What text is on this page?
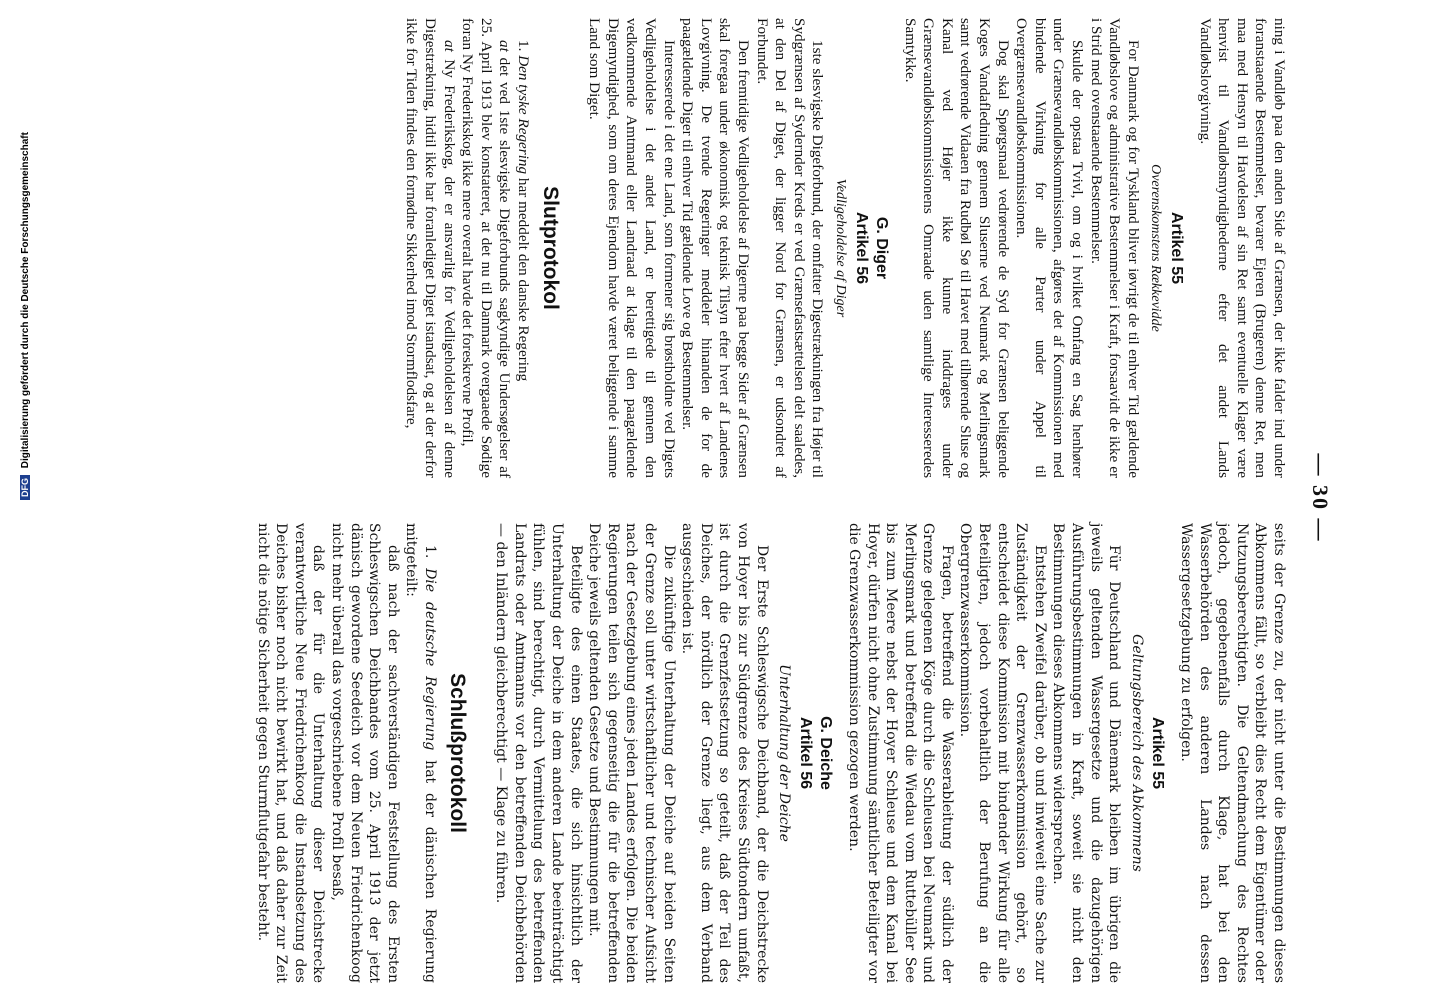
— 30 —

ning i Vandløb paa den anden Side af Grænsen, der ikke falder ind under foranstaaende Bestemmelser, bevarer Ejeren (Brugeren) denne Ret, men maa med Hensyn til Havdelsen af sin Ret samt eventuelle Klager være henvist til Vandløbsmyndighederne efter det andet Lands Vandløbslovgivning.

Artikel 55
Overenskomstens Rækkevidde

For Danmark og for Tyskland bliver iøvrigt de til enhver Tid gældende Vandløbslove og administrative Bestemmelser i Kraft, forsaavidt de ikke er i Strid med ovenstaaende Bestemmelser.

Skulde der opstaa Tvivl, om og i hvilket Omfang en Sag henhører under Grænsevandløbskommissionen, afgøres det af Kommissionen med bindende Virkning for alle Parter under Appel til Overgrænsevandløbskommissionen.

Dog skal Spørgsmaal vedrørende de Syd for Grænsen beliggende Koges Vandafledning gennem Sluserne ved Neumark og Merlingsmark samt vedrørende Vidaaen fra Rudbøl Sø til Havet med tilhørende Sluse og Kanal ved Højer ikke kunne inddrages under Grænsevandløbskommissionens Omraade uden samtlige Interesseredes Samtykke.

G. Diger
Artikel 56
Vedligeholdelse af Diger

1ste slesvigske Digeforbund, der omfatter Digestrækningen fra Højer til Sydgrænsen af Sydernder Kreds er ved Grænsefastsættelsen delt saaledes, at den Del af Diget, der ligger Nord for Grænsen, er udsondret af Forbundet.

Den fremtidige Vedligeholdelse af Digerne paa begge Sider af Grænsen skal foregaa under økonomisk og teknisk Tilsyn efter hvert af Landenes Lovgivning. De tvende Regeringer meddeler hinanden de for de paagældende Diger til enhver Tid gældende Love og Bestemmelser.

Interesserede i det ene Land, som formener sig brøstholdne ved Digets Vedligeholdelse i det andet Land, er berettigede til gennem den vedkommende Amtmand eller Landraad at klage til den paagældende Digemyndighed, som om deres Ejendom havde været beliggende i samme Land som Diget.

Slutprotokol

1. Den tyske Regering har meddelt den danske Regering

at det ved 1ste slesvigske Digeforbunds sagkyndige Undersøgelser af 25. April 1913 blev konstateret, at det nu til Danmark overgaaede Sødige foran Ny Frederikskog ikke mere overalt havde det foreskrevne Profil,

at Ny Frederikskog, der er ansvarlig for Vedligeholdelsen af denne Digestrækning, hidtil ikke har foranlediget Diget istandsat, og at der derfor ikke for Tiden findes den fornødne Sikkerhed imod Stormflodsfare,

seits der Grenze zu, der nicht unter die Bestimmungen dieses Abkommens fällt, so verbleibt dies Recht dem Eigentümer oder Nutzungsberechtigten. Die Geltendmachung des Rechtes jedoch, gegebenenfalls durch Klage, hat bei den Wasserbehörden des anderen Landes nach dessen Wassergesetzgebung zu erfolgen.

Artikel 55
Geltungsbereich des Abkommens

Für Deutschland und Dänemark bleiben im übrigen die jeweils geltenden Wassergesetze und die dazugehörigen Ausführungsbestimmungen in Kraft, soweit sie nicht den Bestimmungen dieses Abkommens widersprechen.

Entstehen Zweifel darüber, ob und inwieweit eine Sache zur Zuständigkeit der Grenzwasserkommission gehört, so entscheidet diese Kommission mit bindender Wirkung für alle Beteiligten, jedoch vorbehaltlich der Berufung an die Obergrenzwasserkommission.

Fragen, betreffend die Wasserableitung der südlich der Grenze gelegenen Köge durch die Schleusen bei Neumark und Merlingsmark und betreffend die Wiedau vom Ruttebüller See bis zum Meere nebst der Hoyer Schleuse und dem Kanal bei Hoyer, dürfen nicht ohne Zustimmung sämtlicher Beteiligter vor die Grenzwasserkommission gezogen werden.

G. Deiche
Artikel 56
Unterhaltung der Deiche

Der Erste Schleswigsche Deichband, der die Deichstrecke von Hoyer bis zur Südgrenze des Kreises Südtondern umfaßt, ist durch die Grenzfestsetzung so geteilt, daß der Teil des Deiches, der nördlich der Grenze liegt, aus dem Verband ausgeschieden ist.

Die zukünftige Unterhaltung der Deiche auf beiden Seiten der Grenze soll unter wirtschaftlicher und technischer Aufsicht nach der Gesetzgebung eines jeden Landes erfolgen. Die beiden Regierungen teilen sich gegenseitig die für die betreffenden Deiche jeweils geltenden Gesetze und Bestimmungen mit.

Beteiligte des einen Staates, die sich hinsichtlich der Unterhaltung der Deiche in dem anderen Lande beeinträchtigt fühlen, sind berechtigt, durch Vermittelung des betreffenden Landrats oder Amtmanns vor den betreffenden Deichbehörden — den Inländern gleichberechtigt — Klage zu führen.

Schlußprotokoll

1. Die deutsche Regierung hat der dänischen Regierung mitgeteilt:

daß nach der sachverständigen Feststellung des Ersten Schleswigschen Deichbandes vom 25. April 1913 der jetzt dänisch gewordene Seedeich vor dem Neuen Friedrichenkoog nicht mehr überall das vorgeschriebene Profil besaß,

daß der für die Unterhaltung dieser Deichstrecke verantwortliche Neue Friedrichenkoog die Instandsetzung des Deiches bisher noch nicht bewirkt hat, und daß daher zur Zeit nicht die nötige Sicherheit gegen Sturmflutgefahr besteht.

DFG Digitalisierung gefördert durch die Deutsche Forschungsgemeinschaft
